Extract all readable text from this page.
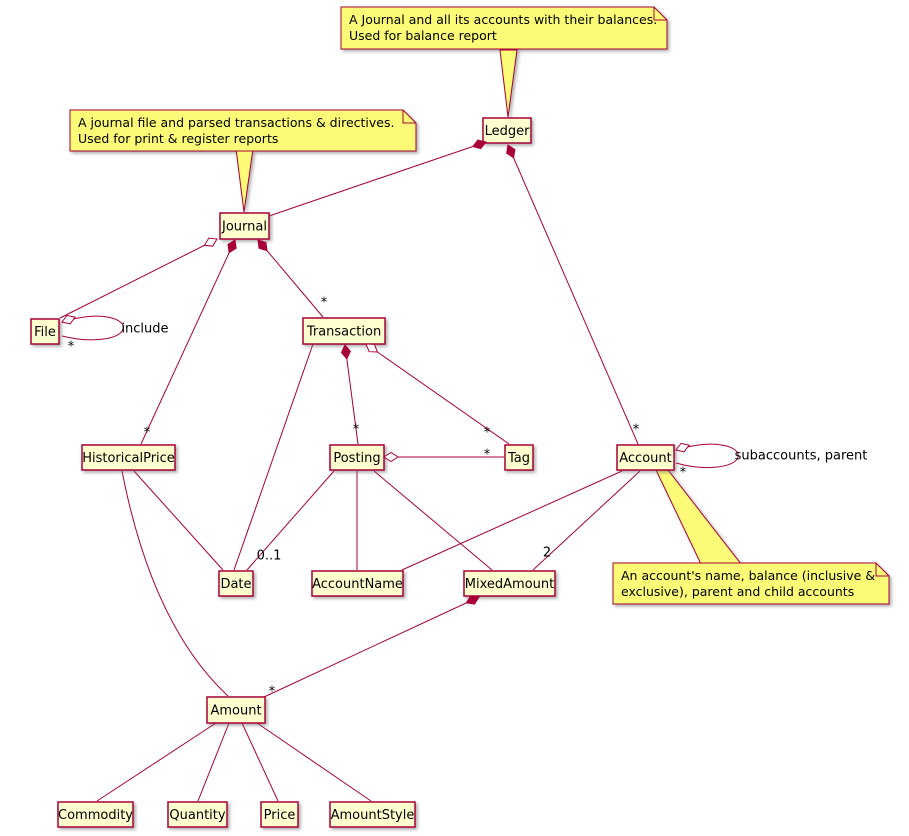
A Journal and all its accounts with their balances.
Used for balance report
A journal file and parsed transactions & directives.
Used for print & register reports
An account's name, balance (inclusive &
exclusive), parent and child accounts
Ledger
Journal
File	Transaction
HistoricalPrice	Posting	Tag	Account
Date	AccountName	MixedAmount
Amount
Commodity	Quantity	Price	AmountStyle
*
*
*
*	*
*
*
*
*
0..1	2
include
subaccounts, parent
